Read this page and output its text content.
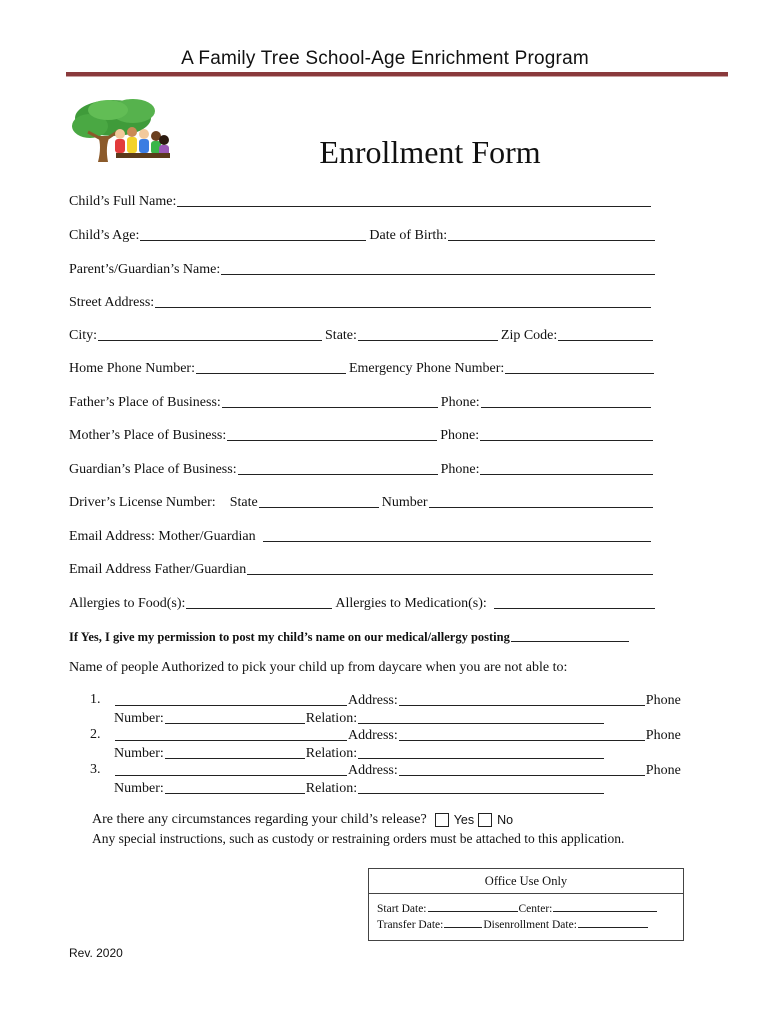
A Family Tree School-Age Enrichment Program
Enrollment Form
Child’s Full Name:
Child’s Age:	Date of Birth:
Parent’s/Guardian’s Name:
Street Address:
City:	State:	Zip Code:
Home Phone Number:	Emergency Phone Number:
Father’s Place of Business:	Phone:
Mother’s Place of Business:	Phone:
Guardian’s Place of Business:	Phone:
Driver’s License Number: State	Number
Email Address: Mother/Guardian
Email Address Father/Guardian
Allergies to Food(s):	Allergies to Medication(s):
If Yes, I give my permission to post my child’s name on our medical/allergy posting
Name of people Authorized to pick your child up from daycare when you are not able to:
1.	Address:	Phone
Number:	Relation:
2.	Address:	Phone
Number:	Relation:
3.	Address:	Phone
Number:	Relation:
Are there any circumstances regarding your child’s release? Yes No
Any special instructions, such as custody or restraining orders must be attached to this application.
Office Use Only
Start Date:	Center:
Transfer Date:	Disenrollment Date:
Rev. 2020
